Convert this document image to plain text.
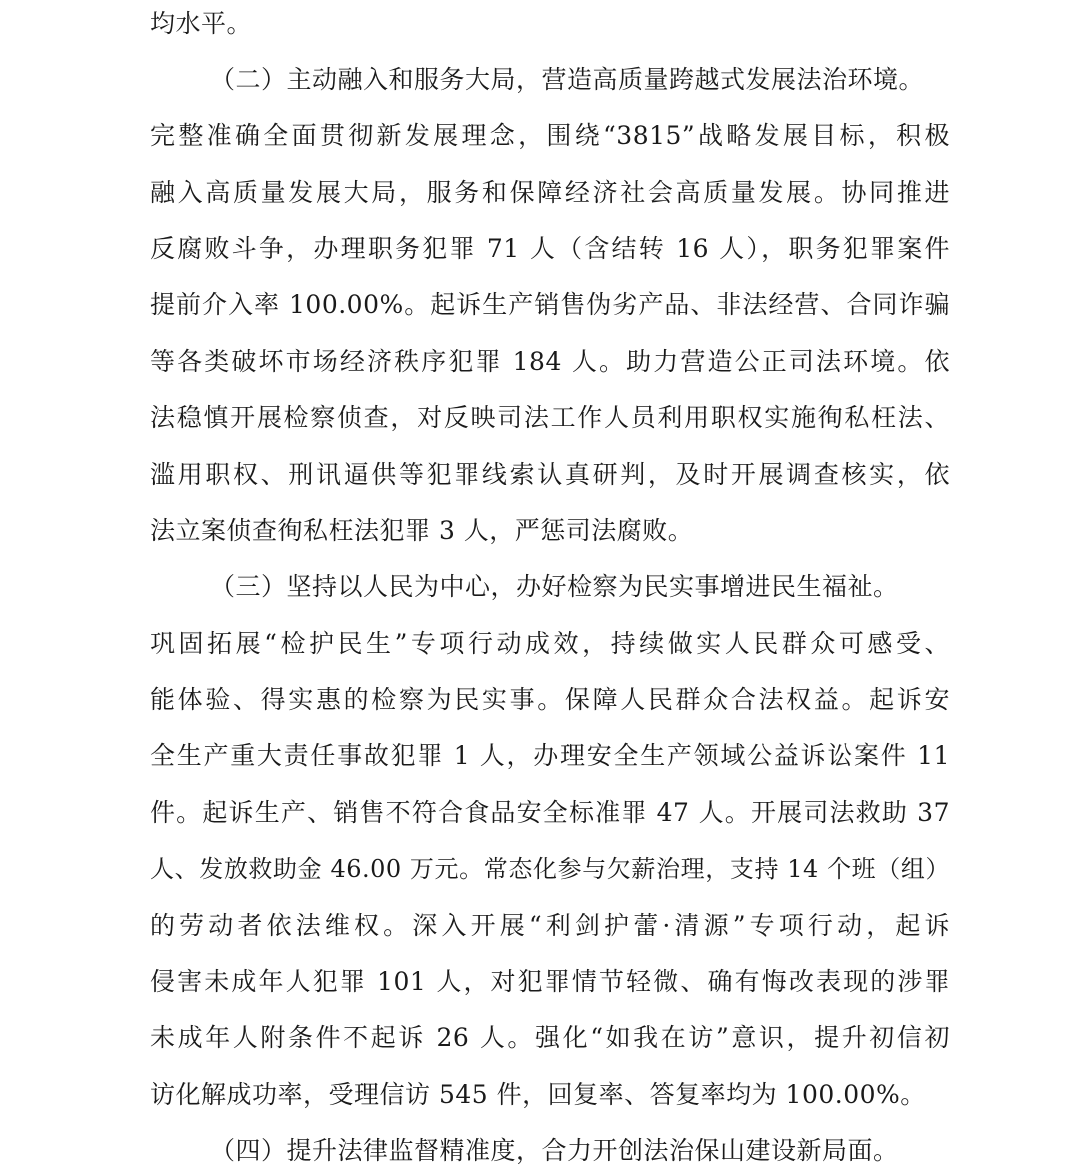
均水平。
（二）主动融入和服务大局，营造高质量跨越式发展法治环境。
完整准确全面贯彻新发展理念，围绕“3815”战略发展目标，积极
融入高质量发展大局，服务和保障经济社会高质量发展。协同推进
反腐败斗争，办理职务犯罪 71 人（含结转 16 人），职务犯罪案件
提前介入率 100.00%。起诉生产销售伪劣产品、非法经营、合同诈骗
等各类破坏市场经济秩序犯罪 184 人。助力营造公正司法环境。依
法稳慎开展检察侦查，对反映司法工作人员利用职权实施徇私枉法、
滥用职权、刑讯逼供等犯罪线索认真研判，及时开展调查核实，依
法立案侦查徇私枉法犯罪 3 人，严惩司法腐败。
（三）坚持以人民为中心，办好检察为民实事增进民生福祉。
巩固拓展“检护民生”专项行动成效，持续做实人民群众可感受、
能体验、得实惠的检察为民实事。保障人民群众合法权益。起诉安
全生产重大责任事故犯罪 1 人，办理安全生产领域公益诉讼案件 11
件。起诉生产、销售不符合食品安全标准罪 47 人。开展司法救助 37
人、发放救助金 46.00 万元。常态化参与欠薪治理，支持 14 个班（组）
的劳动者依法维权。深入开展“利剑护蕾·清源”专项行动，起诉
侵害未成年人犯罪 101 人，对犯罪情节轻微、确有悔改表现的涉罪
未成年人附条件不起诉 26 人。强化“如我在访”意识，提升初信初
访化解成功率，受理信访 545 件，回复率、答复率均为 100.00%。
（四）提升法律监督精准度，合力开创法治保山建设新局面。
